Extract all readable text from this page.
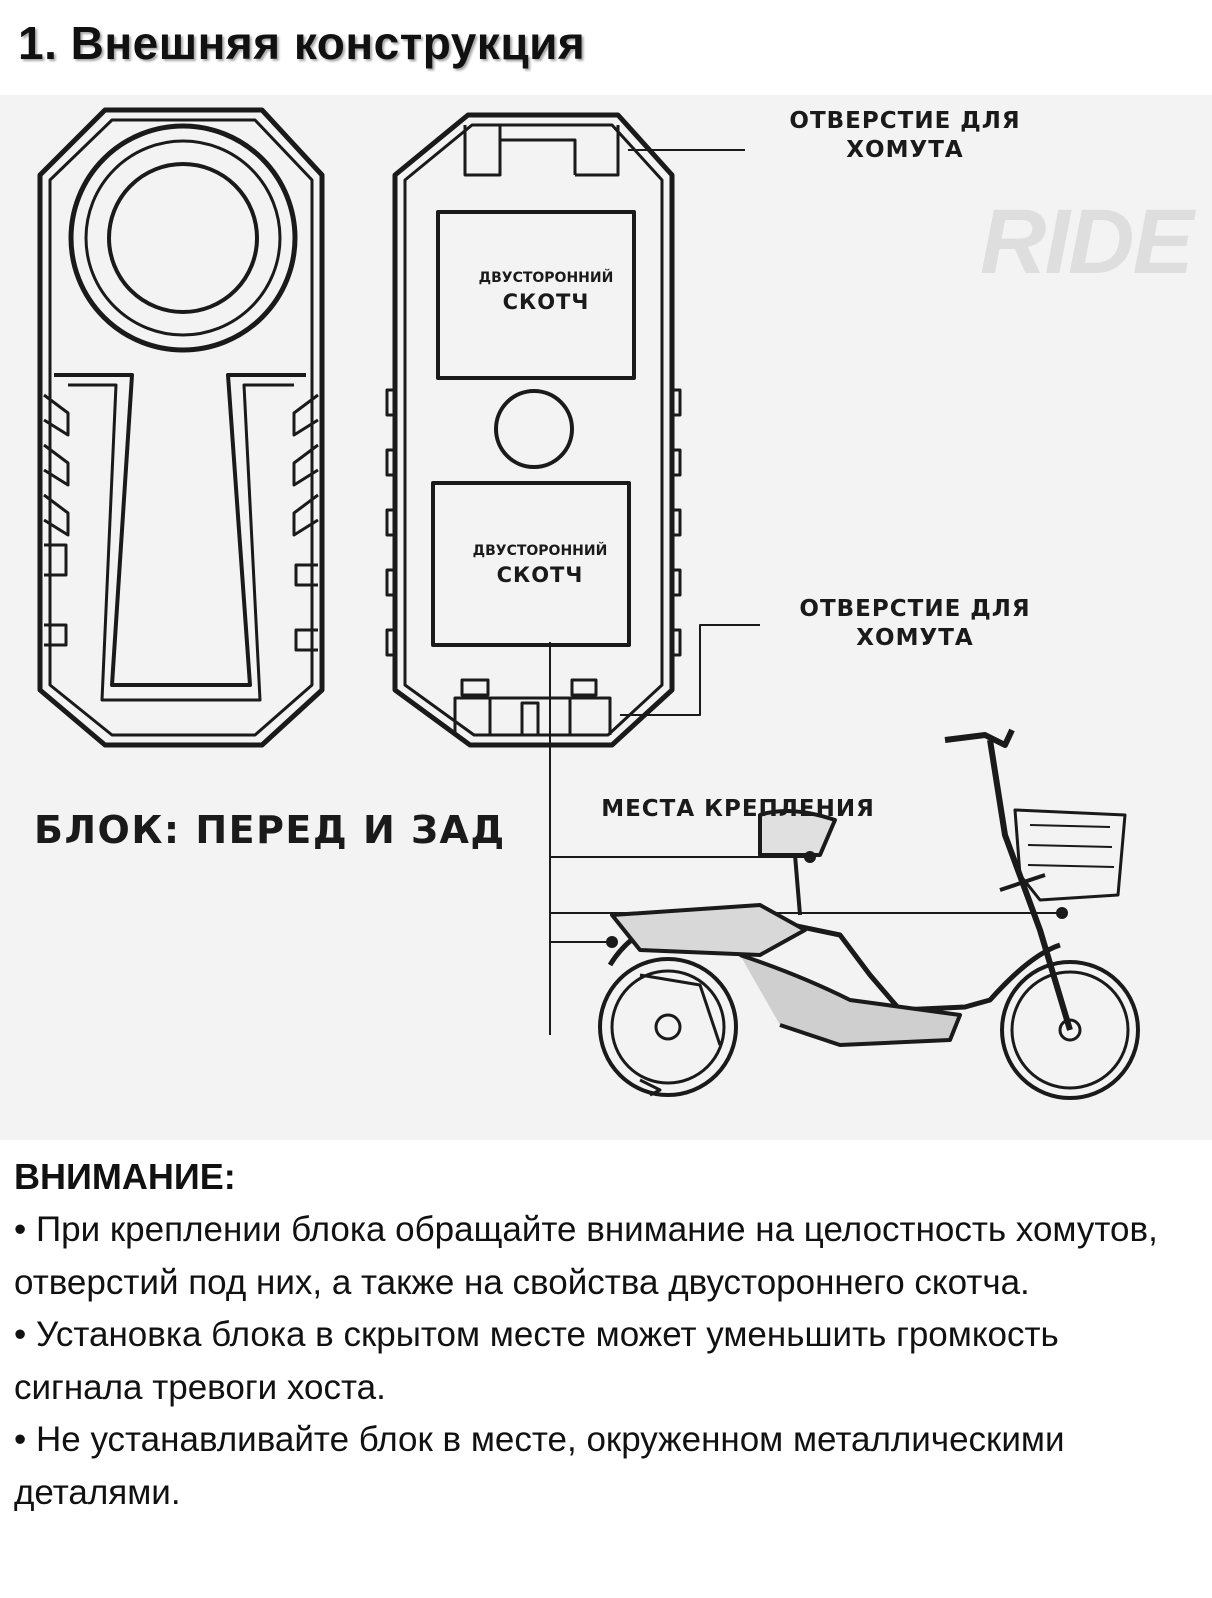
1. Внешняя конструкция
RIDE
ОТВЕРСТИЕ ДЛЯ ХОМУТА
ОТВЕРСТИЕ ДЛЯ ХОМУТА
МЕСТА КРЕПЛЕНИЯ
БЛОК: ПЕРЕД И ЗАД
ДВУСТОРОННИЙ
СКОТЧ
ДВУСТОРОННИЙ
СКОТЧ

ВНИМАНИЕ:

• При креплении блока обращайте внимание на целостность хомутов, отверстий под них, а также на свойства двустороннего скотча.

• Установка блока в скрытом месте может уменьшить громкость сигнала тревоги хоста.

• Не устанавливайте блок в месте, окруженном металлическими деталями.
